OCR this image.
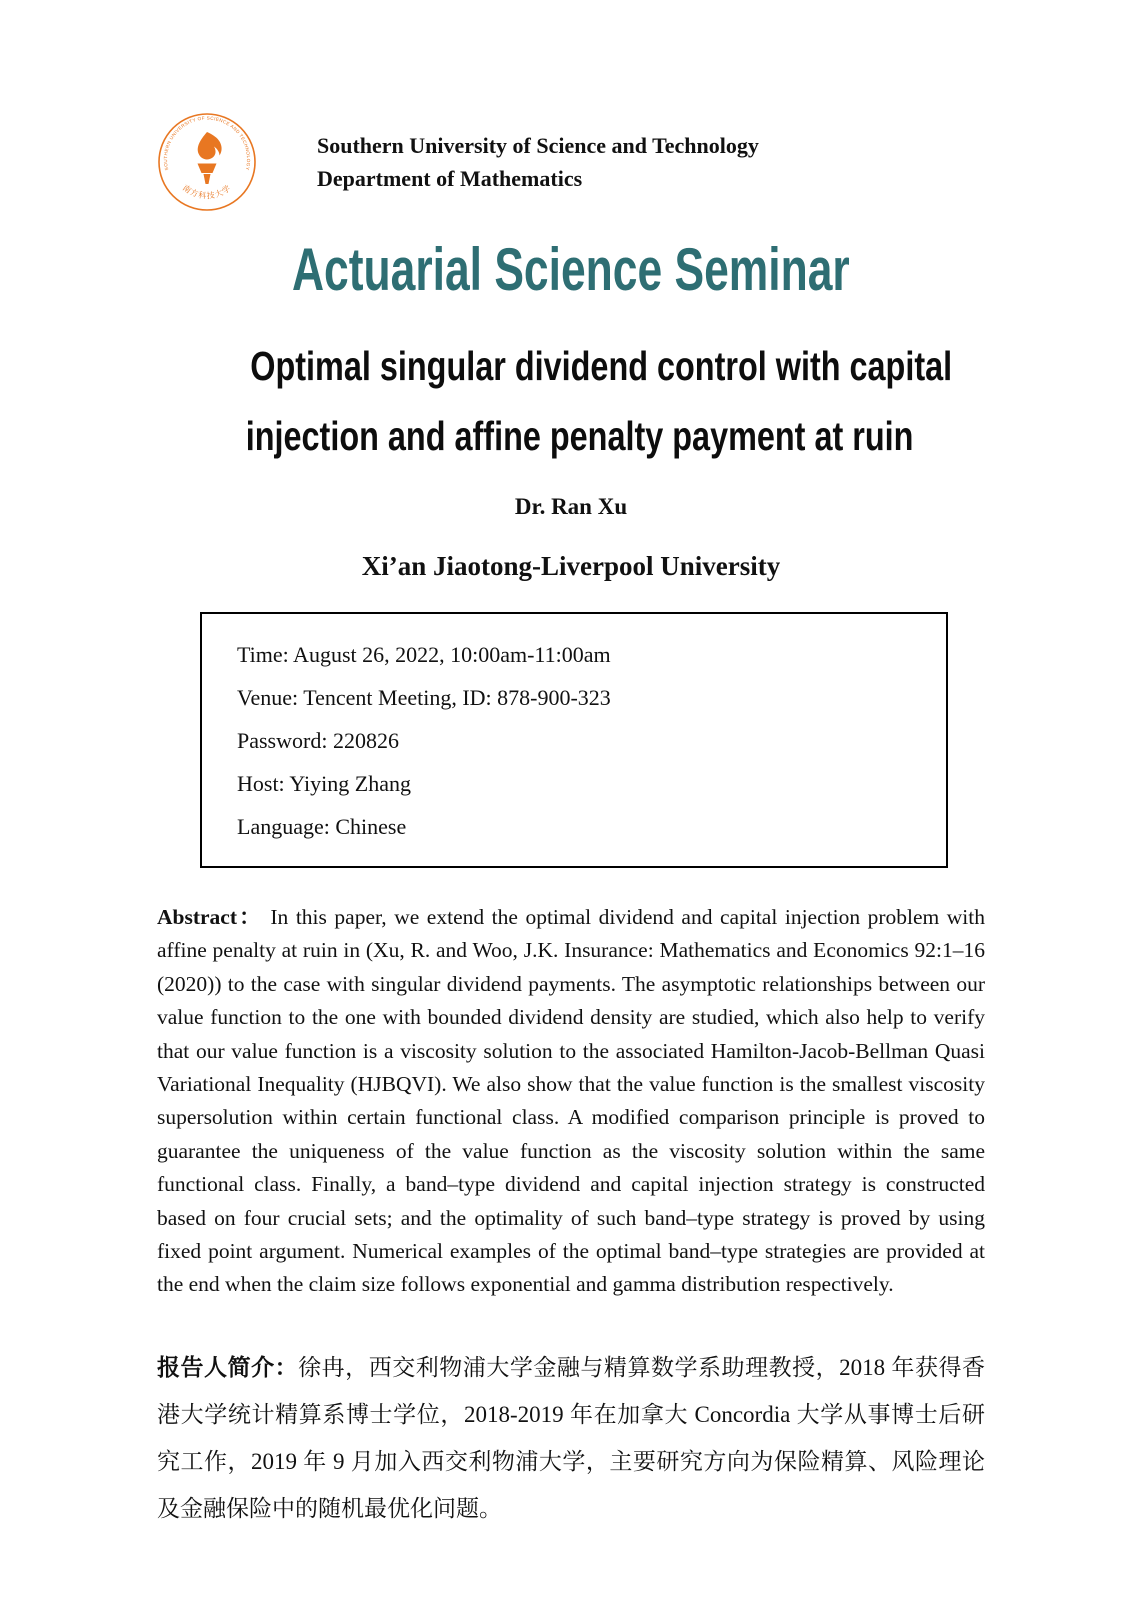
SOUTHERN UNIVERSITY OF SCIENCE AND TECHNOLOGY
南方科技大学

Southern University of Science and Technology

Department of Mathematics

Actuarial Science Seminar
Optimal singular dividend control with capital
injection and affine penalty payment at ruin

Dr. Ran Xu

Xi’an Jiaotong-Liverpool University

Time: August 26, 2022, 10:00am-11:00am

Venue: Tencent Meeting, ID: 878-900-323

Password: 220826

Host: Yiying Zhang

Language: Chinese

Abstract： In this paper, we extend the optimal dividend and capital injection problem with affine penalty at ruin in (Xu, R. and Woo, J.K. Insurance: Mathematics and Economics 92:1–16 (2020)) to the case with singular dividend payments. The asymptotic relationships between our value function to the one with bounded dividend density are studied, which also help to verify that our value function is a viscosity solution to the associated Hamilton-Jacob-Bellman Quasi Variational Inequality (HJBQVI). We also show that the value function is the smallest viscosity supersolution within certain functional class. A modified comparison principle is proved to guarantee the uniqueness of the value function as the viscosity solution within the same functional class. Finally, a band–type dividend and capital injection strategy is constructed based on four crucial sets; and the optimality of such band–type strategy is proved by using fixed point argument. Numerical examples of the optimal band–type strategies are provided at the end when the claim size follows exponential and gamma distribution respectively.

报告人简介：徐冉，西交利物浦大学金融与精算数学系助理教授，2018 年获得香港大学统计精算系博士学位，2018-2019 年在加拿大 Concordia 大学从事博士后研究工作，2019 年 9 月加入西交利物浦大学，主要研究方向为保险精算、风险理论及金融保险中的随机最优化问题。
